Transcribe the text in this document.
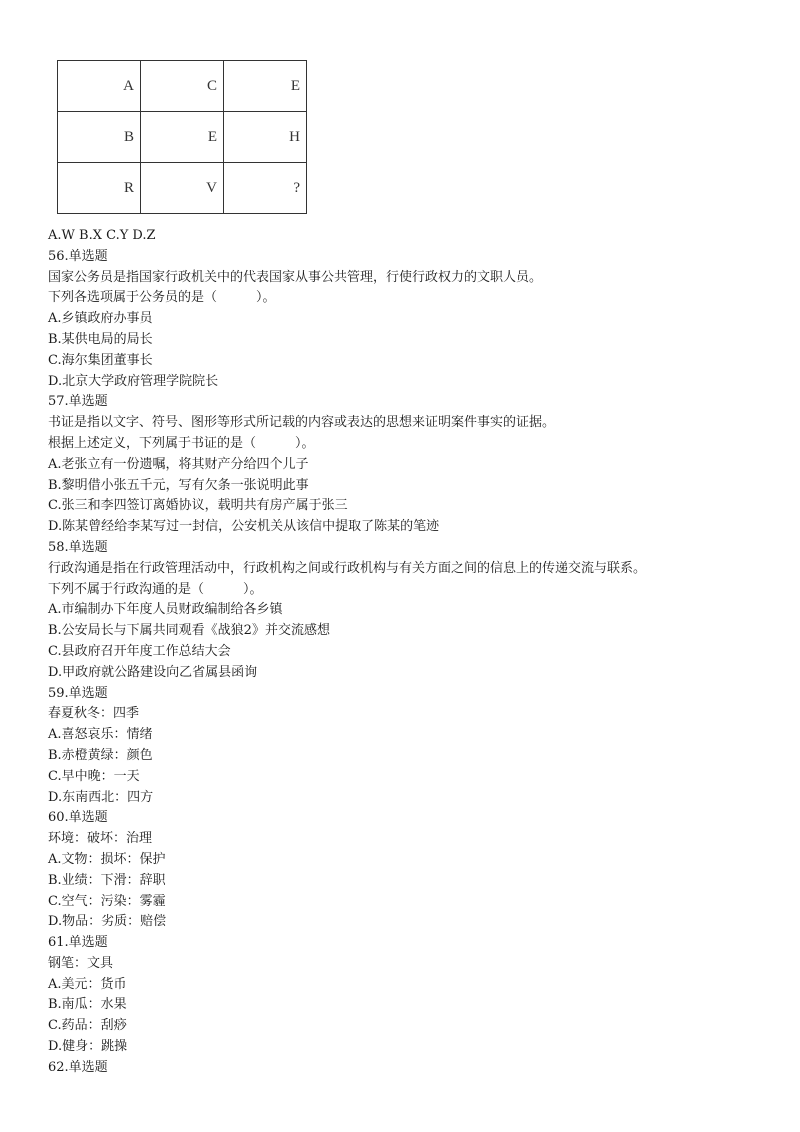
A	C	E
B	E	H
R	V	?
A.W B.X C.Y D.Z
56.单选题
国家公务员是指国家行政机关中的代表国家从事公共管理，行使行政权力的文职人员。
下列各选项属于公务员的是（　　　）。
A.乡镇政府办事员
B.某供电局的局长
C.海尔集团董事长
D.北京大学政府管理学院院长
57.单选题
书证是指以文字、符号、图形等形式所记载的内容或表达的思想来证明案件事实的证据。
根据上述定义，下列属于书证的是（　　　）。
A.老张立有一份遗嘱，将其财产分给四个儿子
B.黎明借小张五千元，写有欠条一张说明此事
C.张三和李四签订离婚协议，载明共有房产属于张三
D.陈某曾经给李某写过一封信，公安机关从该信中提取了陈某的笔迹
58.单选题
行政沟通是指在行政管理活动中，行政机构之间或行政机构与有关方面之间的信息上的传递交流与联系。
下列不属于行政沟通的是（　　　）。
A.市编制办下年度人员财政编制给各乡镇
B.公安局长与下属共同观看《战狼2》并交流感想
C.县政府召开年度工作总结大会
D.甲政府就公路建设向乙省属县函询
59.单选题
春夏秋冬：四季
A.喜怒哀乐：情绪
B.赤橙黄绿：颜色
C.早中晚：一天
D.东南西北：四方
60.单选题
环境：破坏：治理
A.文物：损坏：保护
B.业绩：下滑：辞职
C.空气：污染：雾霾
D.物品：劣质：赔偿
61.单选题
钢笔：文具
A.美元：货币
B.南瓜：水果
C.药品：刮痧
D.健身：跳操
62.单选题
